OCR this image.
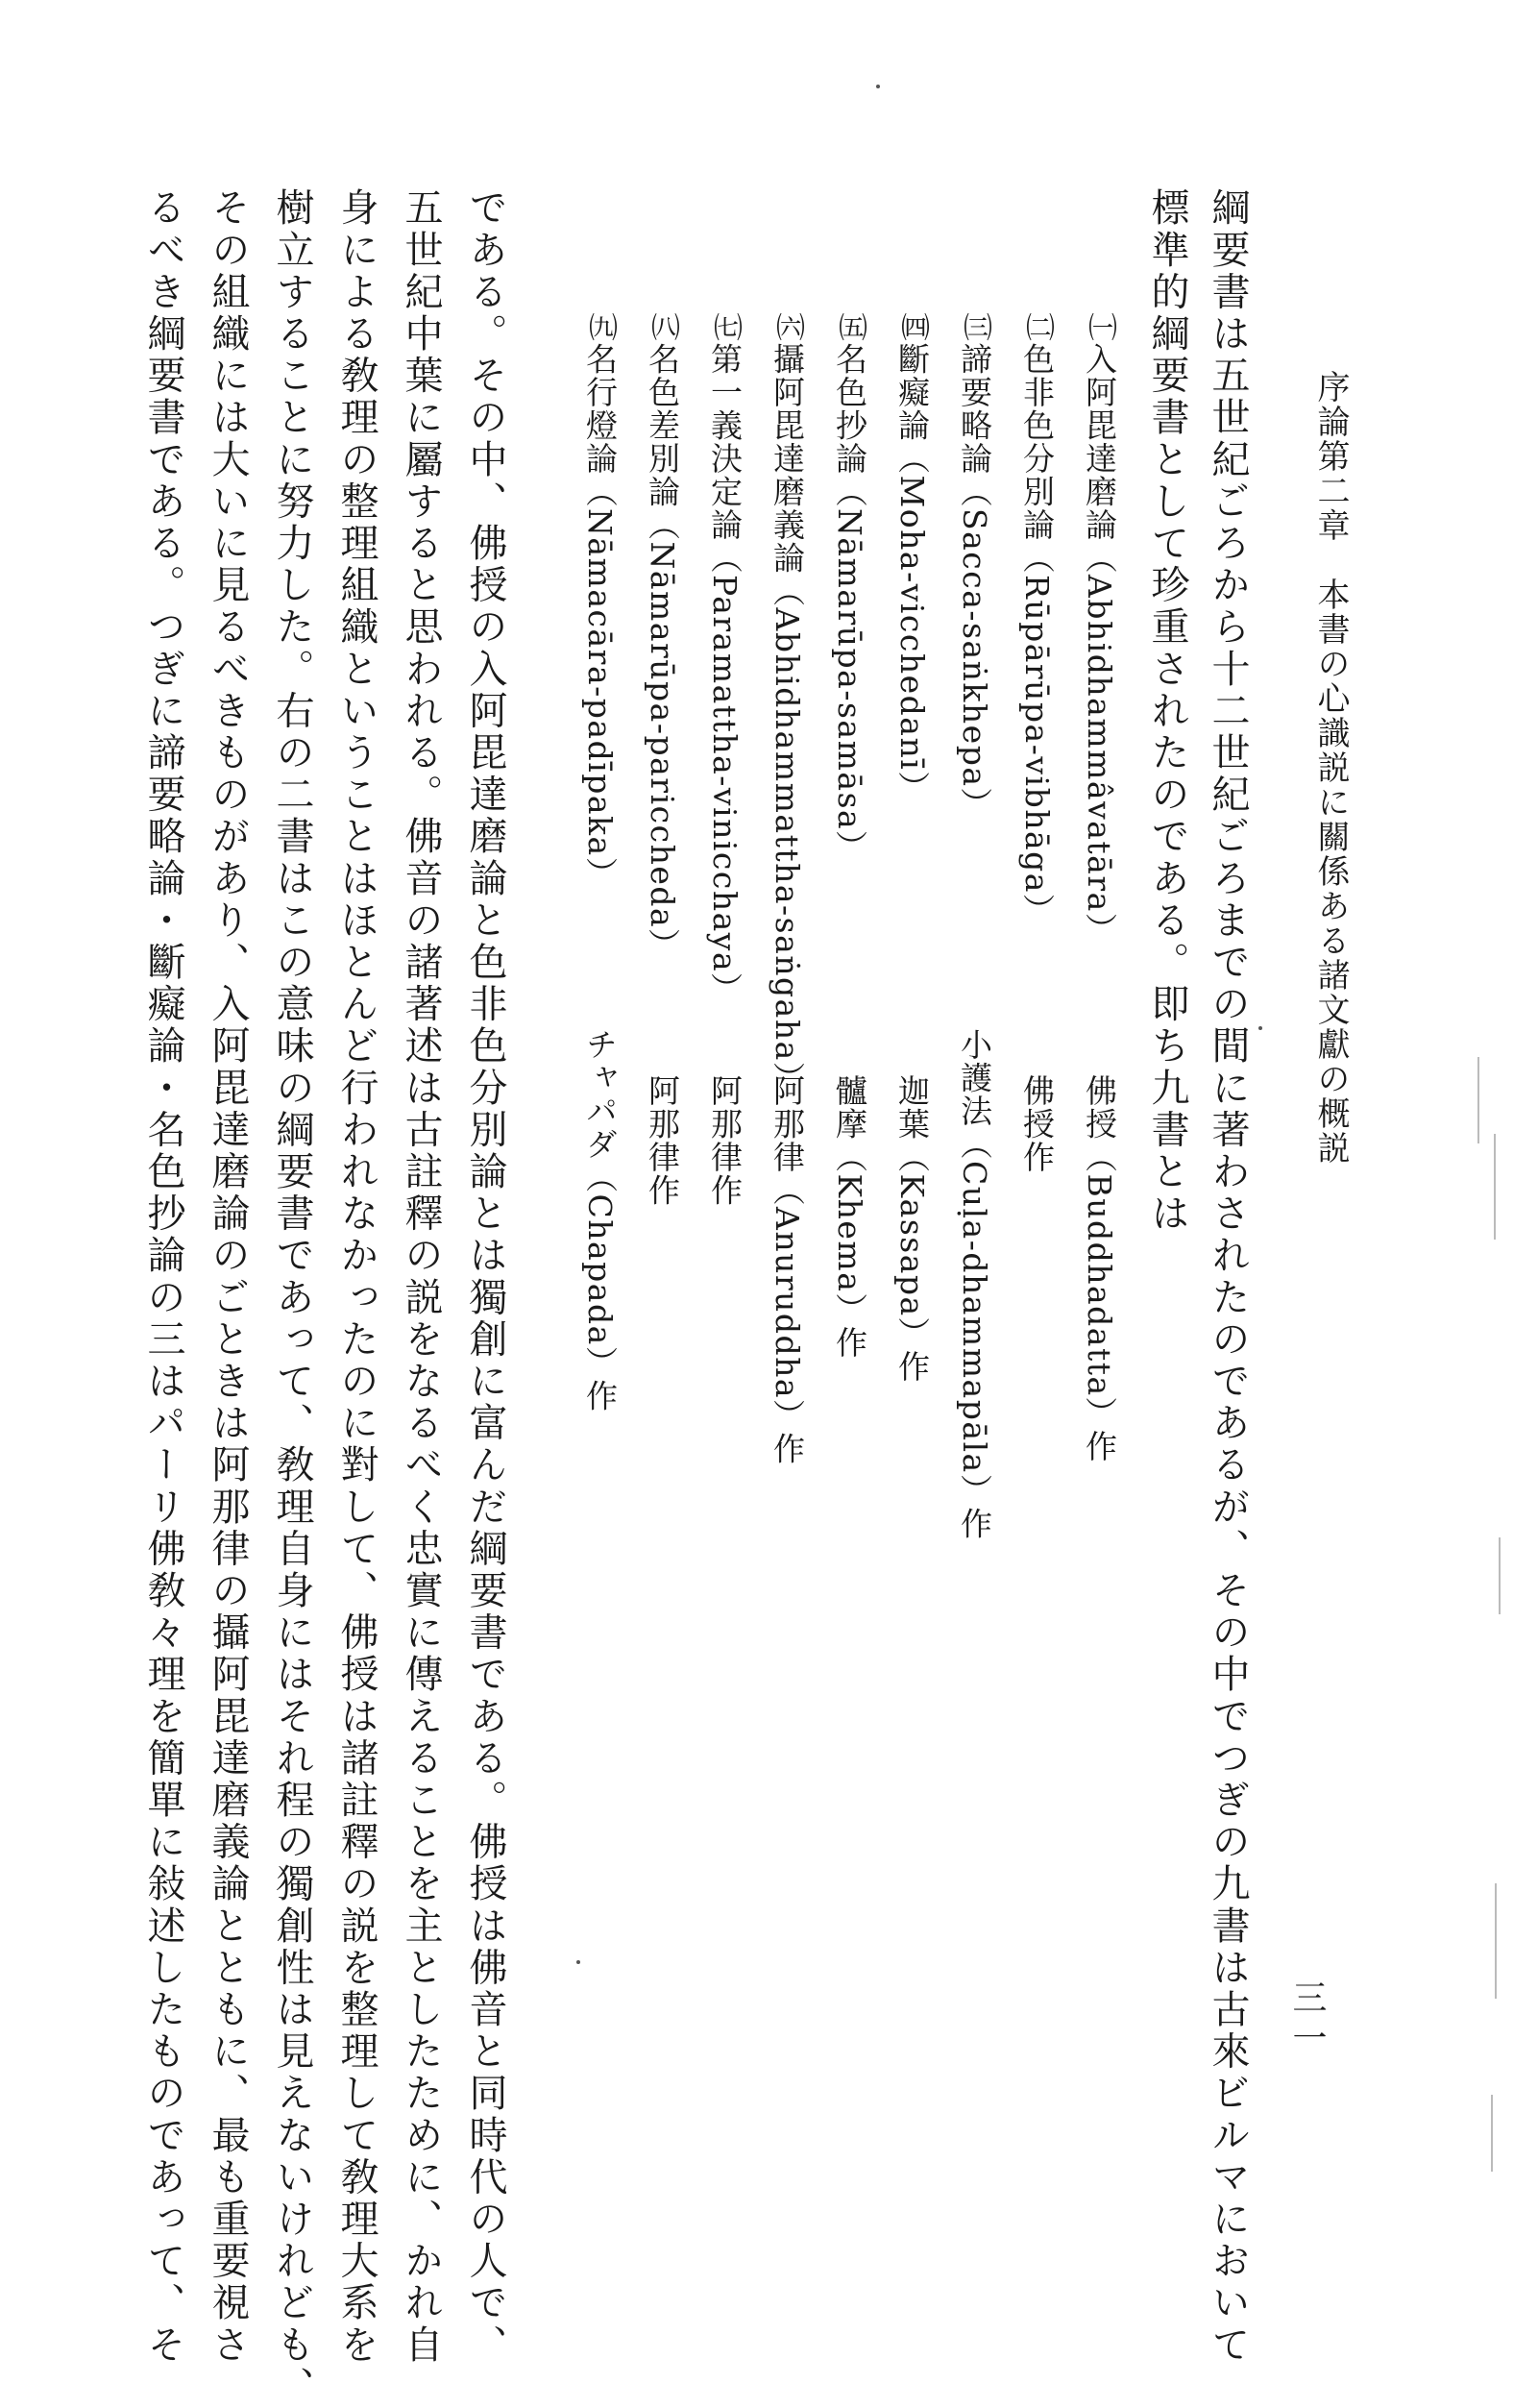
三一
序論第二章　本書の心識説に關係ある諸文獻の概説
綱要書は五世紀ごろから十二世紀ごろまでの間に著わされたのであるが、その中でつぎの九書は古來ビルマにおいて
標準的綱要書として珍重されたのである。即ち九書とは
㈠入阿毘達磨論（Abhidhammâvatāra）
㈡色非色分別論（Rūpārūpa-vibhāga）
㈢諦要略論（Sacca-saṅkhepa）
㈣斷癡論（Moha-vicchedanī）
㈤名色抄論（Nāmarūpa-samāsa）
㈥攝阿毘達磨義論（Abhidhammattha-saṅgaha）
㈦第一義決定論（Paramattha-vinicchaya）
㈧名色差別論（Nāmarūpa-pariccheda）
㈨名行燈論（Nāmacāra-padīpaka）
佛授（Buddhadatta）作
佛授作
小護法（Cuḷa-dhammapāla）作
迦葉（Kassapa）作
髗摩（Khema）作
阿那律（Anuruddha）作
阿那律作
阿那律作
チャパダ（Chapada）作
である。その中、佛授の入阿毘達磨論と色非色分別論とは獨創に富んだ綱要書である。佛授は佛音と同時代の人で、
五世紀中葉に屬すると思われる。佛音の諸著述は古註釋の説をなるべく忠實に傳えることを主としたために、かれ自
身による敎理の整理組織ということはほとんど行われなかったのに對して、佛授は諸註釋の説を整理して敎理大系を
樹立することに努力した。右の二書はこの意味の綱要書であって、敎理自身にはそれ程の獨創性は見えないけれども、
その組織には大いに見るべきものがあり、入阿毘達磨論のごときは阿那律の攝阿毘達磨義論とともに、最も重要視さ
るべき綱要書である。つぎに諦要略論・斷癡論・名色抄論の三はパーリ佛敎々理を簡單に敍述したものであって、そ
